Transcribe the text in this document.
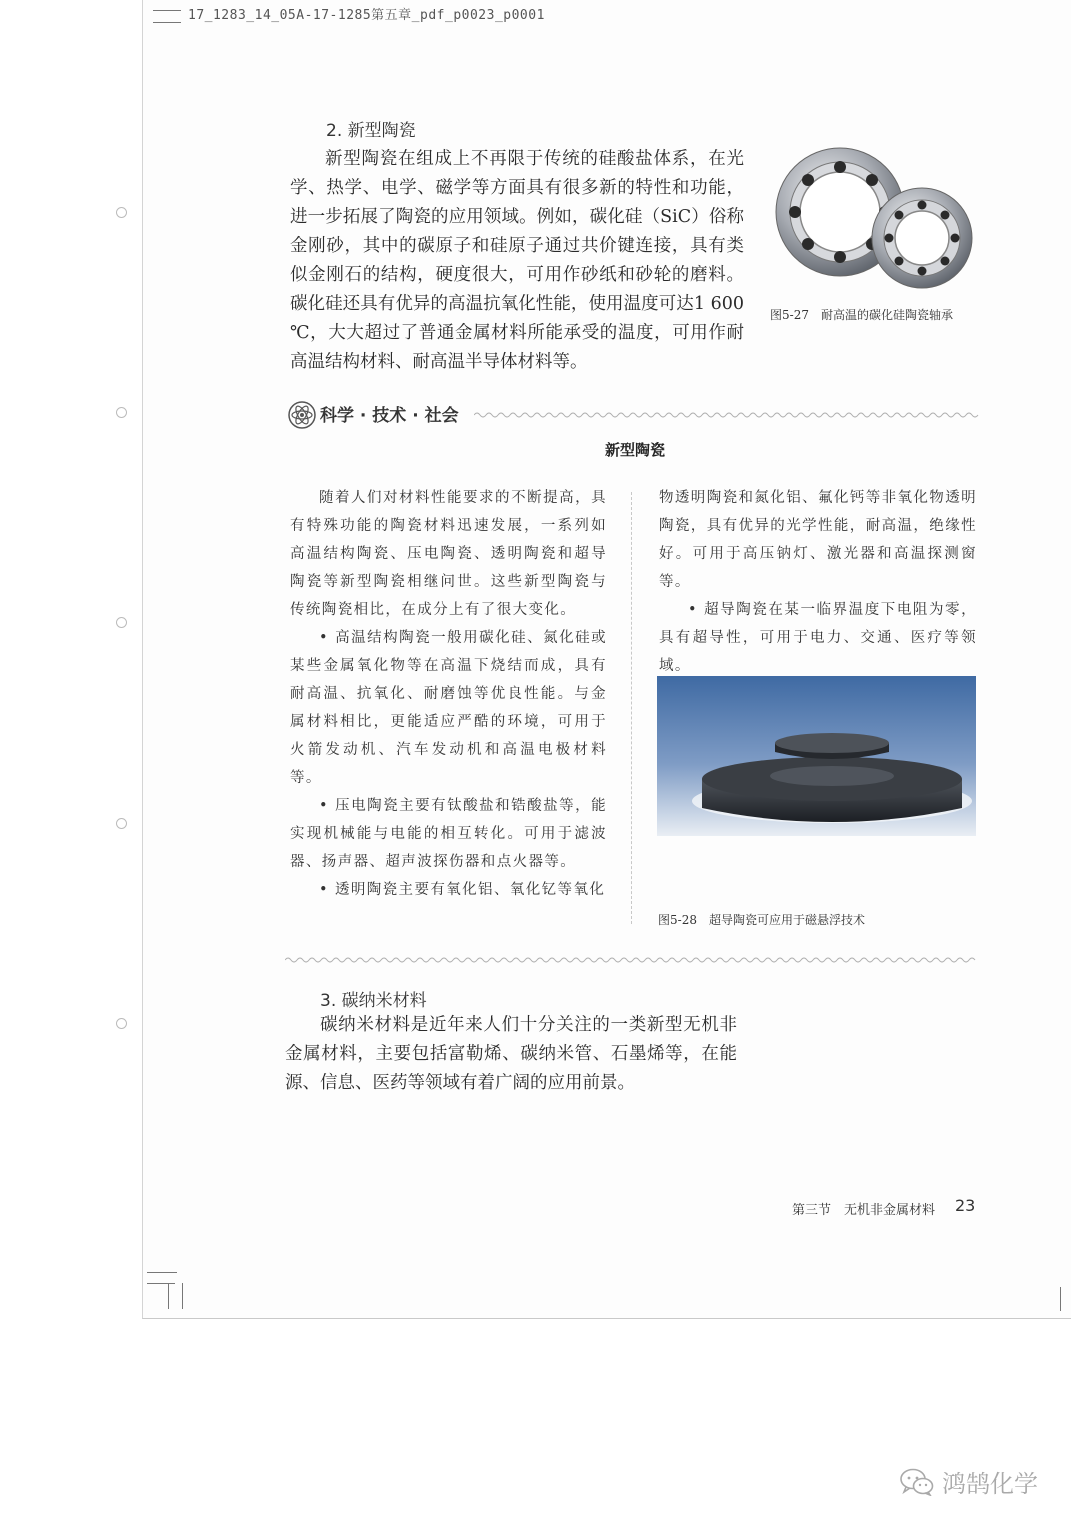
17_1283_14_05A-17-1285第五章_pdf_p0023_p0001
2. 新型陶瓷

新型陶瓷在组成上不再限于传统的硅酸盐体系，在光学、热学、电学、磁学等方面具有很多新的特性和功能，进一步拓展了陶瓷的应用领域。例如，碳化硅（SiC）俗称金刚砂，其中的碳原子和硅原子通过共价键连接，具有类似金刚石的结构，硬度很大，可用作砂纸和砂轮的磨料。碳化硅还具有优异的高温抗氧化性能，使用温度可达1 600 ℃，大大超过了普通金属材料所能承受的温度，可用作耐高温结构材料、耐高温半导体材料等。

图5-27 耐高温的碳化硅陶瓷轴承
科学 · 技术 · 社会
新型陶瓷

随着人们对材料性能要求的不断提高，具有特殊功能的陶瓷材料迅速发展，一系列如高温结构陶瓷、压电陶瓷、透明陶瓷和超导陶瓷等新型陶瓷相继问世。这些新型陶瓷与传统陶瓷相比，在成分上有了很大变化。

• 高温结构陶瓷一般用碳化硅、氮化硅或某些金属氧化物等在高温下烧结而成，具有耐高温、抗氧化、耐磨蚀等优良性能。与金属材料相比，更能适应严酷的环境，可用于火箭发动机、汽车发动机和高温电极材料等。

• 压电陶瓷主要有钛酸盐和锆酸盐等，能实现机械能与电能的相互转化。可用于滤波器、扬声器、超声波探伤器和点火器等。

• 透明陶瓷主要有氧化铝、氧化钇等氧化

物透明陶瓷和氮化铝、氟化钙等非氧化物透明陶瓷，具有优异的光学性能，耐高温，绝缘性好。可用于高压钠灯、激光器和高温探测窗等。

• 超导陶瓷在某一临界温度下电阻为零，具有超导性，可用于电力、交通、医疗等领域。

图5-28 超导陶瓷可应用于磁悬浮技术
3. 碳纳米材料

碳纳米材料是近年来人们十分关注的一类新型无机非金属材料，主要包括富勒烯、碳纳米管、石墨烯等，在能源、信息、医药等领域有着广阔的应用前景。

第三节　无机非金属材料 23
鸿鹄化学
